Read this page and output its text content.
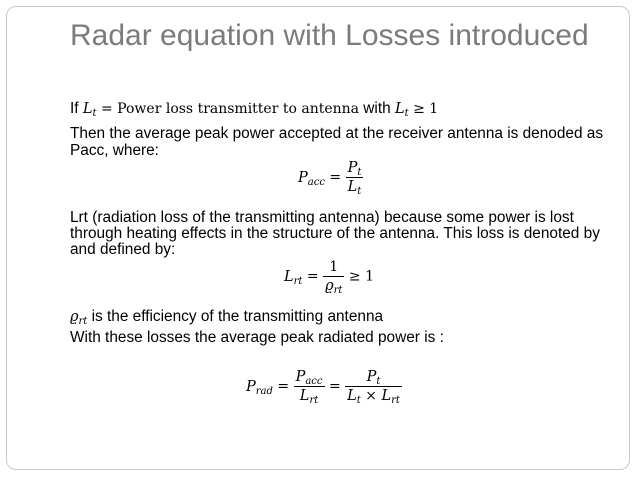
Radar equation with Losses introduced
If $L_t$ = Power loss transmitter to antenna with $L_t \ge 1$
Then the average peak power accepted at the receiver antenna is denoded as Pacc, where:
$P_{acc} = \frac{P_t}{L_t}$
Lrt (radiation loss of the transmitting antenna) because some power is lost through heating effects in the structure of the antenna. This loss is denoted by and defined by:
$L_{rt} = \frac{1}{ϱ_{rt}} \ge 1$
$ϱ_{rt}$ is the efficiency of the transmitting antenna
With these losses the average peak radiated power is :
$P_{rad} = \frac{P_{acc}}{L_{rt}} = \frac{P_t}{L_t \times L_{rt}}$
